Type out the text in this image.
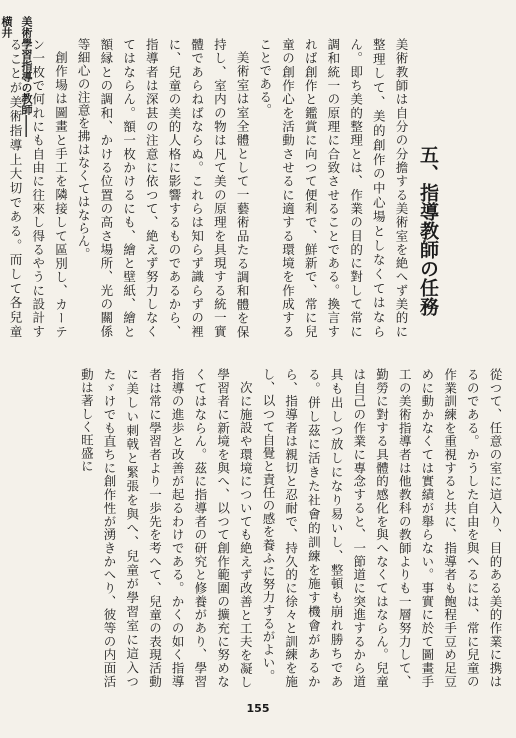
美術學習指導の教師――横井
五、指導教師の任務

美術教師は自分の分擔する美術室を絶へず美的に整理して、美的創作の中心場としなくてはならん。即ち美的整理とは、作業の目的に對して常に調和統一の原理に合致させることである。換言すれば創作と鑑賞に向つて便利で、鮮新で、常に兒童の創作心を活動させるに適する環境を作成することである。

美術室は室全體として一藝術品たる調和體を保持し、室内の物は凡て美の原理を具現する統一實體であらねばならぬ。これらは知らず識らずの裡に、兒童の美的人格に影響するものであるから、指導者は深甚の注意に依つて、絶えず努力しなくてはならん。額一枚かけるにも、繪と壁紙、繪と額縁との調和、かける位置の高さ場所、光の關係等細心の注意を拂はなくてはならん。

創作場は圖畫と手工を隣接して區別し、カーテン一枚で何れにも自由に往來し得るやうに設計することが美術指導上大切である。而して各兒童

從つて、任意の室に這入り、目的ある美的作業に携はるのである。かうした自由を與へるには、常に兒童の作業訓練を重視すると共に、指導者も飽程手豆め足豆めに動かなくては實績が舉らない。事實に於て圖畫手工の美術指導者は他教科の教師よりも一層努力して、勤勞に對する具體的感化を與へなくてはならん。兒童は自己の作業に專念すると、一節道に突進するから道具も出しつ放しになり易いし、整頓も崩れ勝ちである。併し茲に活きた社會的訓練を施す機會があるから、指導者は親切と忍耐で、持久的に徐々と訓練を施し、以つて自覺と責任の感を養ふに努力するがよい。

次に施設や環境についても絶えず改善と工夫を凝し學習者に新境を與へ、以つて創作範圍の擴充に努めなくてはならん。茲に指導者の研究と修養があり、學習指導の進歩と改善が起るわけである。かくの如く指導者は常に學習者より一歩先を考へて、兒童の表現活動に美しい刺戟と緊張を與へ、兒童が學習室に這入つたゞけでも直ちに創作性が湧きかへり、彼等の内面活動は著しく旺盛に

155
